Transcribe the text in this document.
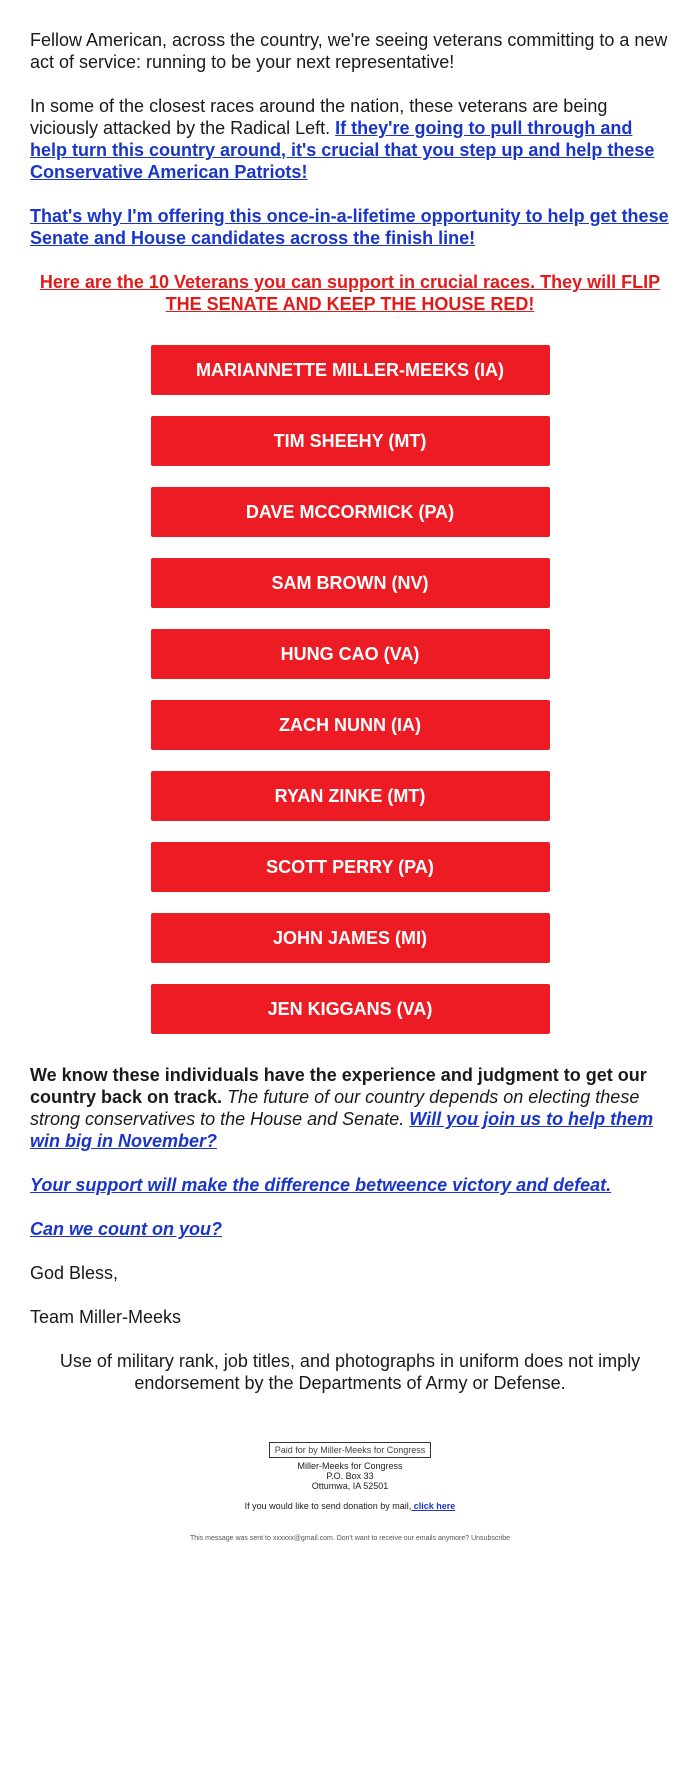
Fellow American, across the country, we're seeing veterans committing to a new act of service: running to be your next representative!

In some of the closest races around the nation, these veterans are being viciously attacked by the Radical Left. If they're going to pull through and help turn this country around, it's crucial that you step up and help these Conservative American Patriots!

That's why I'm offering this once-in-a-lifetime opportunity to help get these Senate and House candidates across the finish line!

Here are the 10 Veterans you can support in crucial races. They will FLIP THE SENATE AND KEEP THE HOUSE RED!

MARIANNETTE MILLER-MEEKS (IA)
TIM SHEEHY (MT)
DAVE MCCORMICK (PA)
SAM BROWN (NV)
HUNG CAO (VA)
ZACH NUNN (IA)
RYAN ZINKE (MT)
SCOTT PERRY (PA)
JOHN JAMES (MI)
JEN KIGGANS (VA)

We know these individuals have the experience and judgment to get our country back on track. The future of our country depends on electing these strong conservatives to the House and Senate. Will you join us to help them win big in November?

Your support will make the difference betweence victory and defeat.

Can we count on you?

God Bless,

Team Miller-Meeks

Use of military rank, job titles, and photographs in uniform does not imply endorsement by the Departments of Army or Defense.

Paid for by Miller-Meeks for Congress
Miller-Meeks for Congress
P.O. Box 33
Ottumwa, IA 52501
If you would like to send donation by mail, click here
This message was sent to xxxxxx@gmail.com. Don't want to receive our emails anymore? Unsubscribe
